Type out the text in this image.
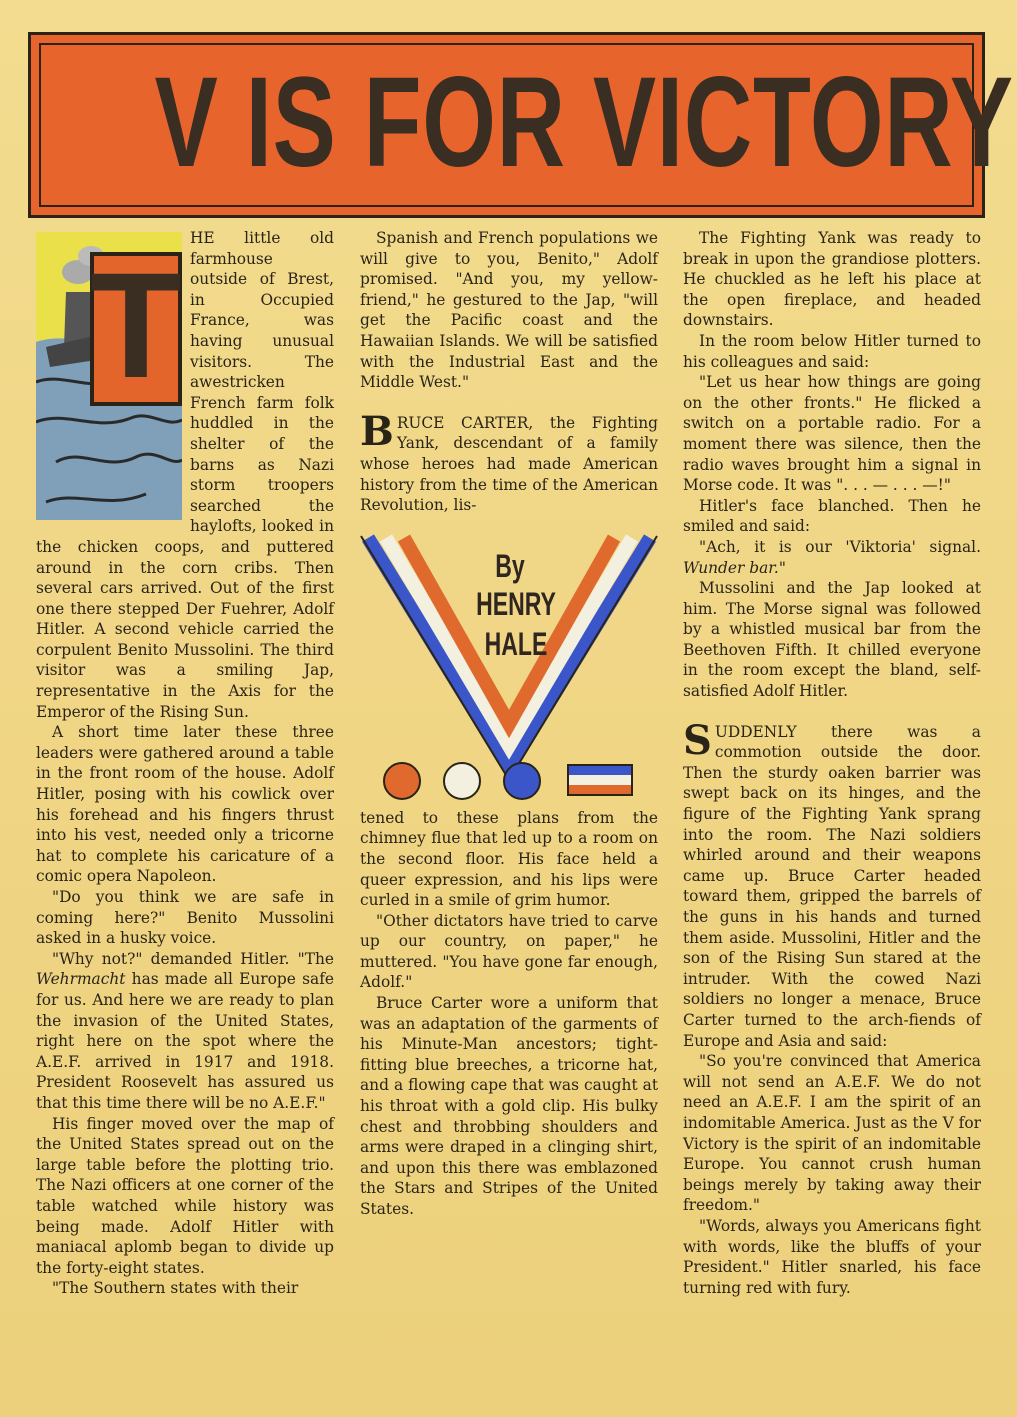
V IS FOR VICTORY
T

HE little old farmhouse outside of Brest, in Occupied France, was having unusual visitors. The awestricken French farm folk huddled in the shelter of the barns as Nazi storm troopers searched the haylofts, looked in the chicken coops, and puttered around in the corn cribs. Then several cars arrived. Out of the first one there stepped Der Fuehrer, Adolf Hitler. A second vehicle carried the corpulent Benito Mussolini. The third visitor was a smiling Jap, representative in the Axis for the Emperor of the Rising Sun.

A short time later these three leaders were gathered around a table in the front room of the house. Adolf Hitler, posing with his cowlick over his forehead and his fingers thrust into his vest, needed only a tricorne hat to complete his caricature of a comic opera Napoleon.

"Do you think we are safe in coming here?" Benito Mussolini asked in a husky voice.

"Why not?" demanded Hitler. "The Wehrmacht has made all Europe safe for us. And here we are ready to plan the invasion of the United States, right here on the spot where the A.E.F. arrived in 1917 and 1918. President Roosevelt has assured us that this time there will be no A.E.F."

His finger moved over the map of the United States spread out on the large table before the plotting trio. The Nazi officers at one corner of the table watched while history was being made. Adolf Hitler with maniacal aplomb began to divide up the forty-eight states.

"The Southern states with their

Spanish and French populations we will give to you, Benito," Adolf promised. "And you, my yellow-friend," he gestured to the Jap, "will get the Pacific coast and the Hawaiian Islands. We will be satisfied with the Industrial East and the Middle West."

BRUCE CARTER, the Fighting Yank, descendant of a family whose heroes had made American history from the time of the American Revolution, lis-

By
HENRY
HALE

tened to these plans from the chimney flue that led up to a room on the second floor. His face held a queer expression, and his lips were curled in a smile of grim humor.

"Other dictators have tried to carve up our country, on paper," he muttered. "You have gone far enough, Adolf."

Bruce Carter wore a uniform that was an adaptation of the garments of his Minute-Man ancestors; tight-fitting blue breeches, a tricorne hat, and a flowing cape that was caught at his throat with a gold clip. His bulky chest and throbbing shoulders and arms were draped in a clinging shirt, and upon this there was emblazoned the Stars and Stripes of the United States.

The Fighting Yank was ready to break in upon the grandiose plotters. He chuckled as he left his place at the open fireplace, and headed downstairs.

In the room below Hitler turned to his colleagues and said:

"Let us hear how things are going on the other fronts." He flicked a switch on a portable radio. For a moment there was silence, then the radio waves brought him a signal in Morse code. It was ". . . — . . . —!"

Hitler's face blanched. Then he smiled and said:

"Ach, it is our 'Viktoria' signal. Wunder bar."

Mussolini and the Jap looked at him. The Morse signal was followed by a whistled musical bar from the Beethoven Fifth. It chilled everyone in the room except the bland, self-satisfied Adolf Hitler.

SUDDENLY there was a commotion outside the door. Then the sturdy oaken barrier was swept back on its hinges, and the figure of the Fighting Yank sprang into the room. The Nazi soldiers whirled around and their weapons came up. Bruce Carter headed toward them, gripped the barrels of the guns in his hands and turned them aside. Mussolini, Hitler and the son of the Rising Sun stared at the intruder. With the cowed Nazi soldiers no longer a menace, Bruce Carter turned to the arch-fiends of Europe and Asia and said:

"So you're convinced that America will not send an A.E.F. We do not need an A.E.F. I am the spirit of an indomitable America. Just as the V for Victory is the spirit of an indomitable Europe. You cannot crush human beings merely by taking away their freedom."

"Words, always you Americans fight with words, like the bluffs of your President." Hitler snarled, his face turning red with fury.
